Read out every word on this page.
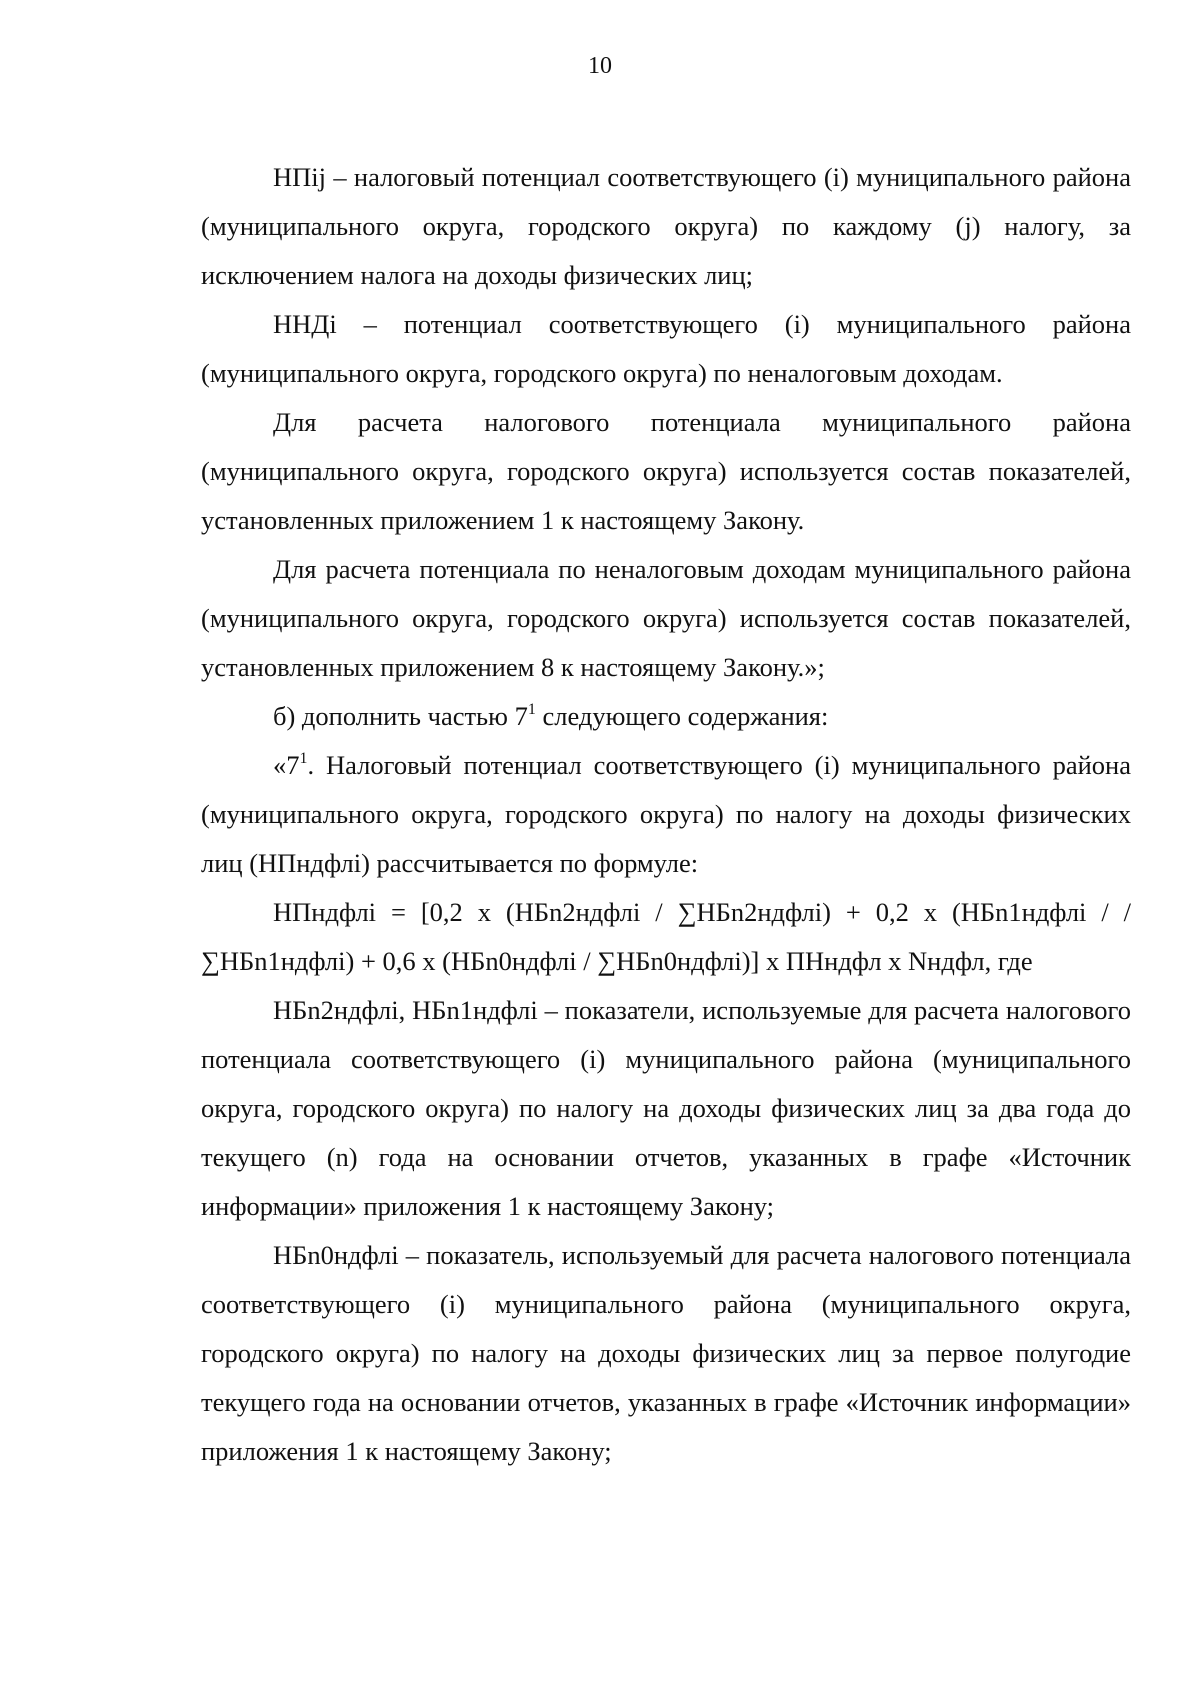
10

НПij – налоговый потенциал соответствующего (i) муниципального района (муниципального округа, городского округа) по каждому (j) налогу, за исключением налога на доходы физических лиц;

ННДi – потенциал соответствующего (i) муниципального района (муниципального округа, городского округа) по неналоговым доходам.

Для расчета налогового потенциала муниципального района (муниципального округа, городского округа) используется состав показателей, установленных приложением 1 к настоящему Закону.

Для расчета потенциала по неналоговым доходам муниципального района (муниципального округа, городского округа) используется состав показателей, установленных приложением 8 к настоящему Закону.»;

б) дополнить частью $7^1$ следующего содержания:

«$7^1$. Налоговый потенциал соответствующего (i) муниципального района (муниципального округа, городского округа) по налогу на доходы физических лиц (НПндфлi) рассчитывается по формуле:

НПндфлi = [0,2 x (НБn2ндфлi / ∑НБn2ндфлi) + 0,2 x (НБn1ндфлi / / ∑НБn1ндфлi) + 0,6 x (НБn0ндфлi / ∑НБn0ндфлi)] x ПНндфл x Nндфл, где

НБn2ндфлi, НБn1ндфлi – показатели, используемые для расчета налогового потенциала соответствующего (i) муниципального района (муниципального округа, городского округа) по налогу на доходы физических лиц за два года до текущего (n) года на основании отчетов, указанных в графе «Источник информации» приложения 1 к настоящему Закону;

НБn0ндфлi – показатель, используемый для расчета налогового потенциала соответствующего (i) муниципального района (муниципального округа, городского округа) по налогу на доходы физических лиц за первое полугодие текущего года на основании отчетов, указанных в графе «Источник информации» приложения 1 к настоящему Закону;
